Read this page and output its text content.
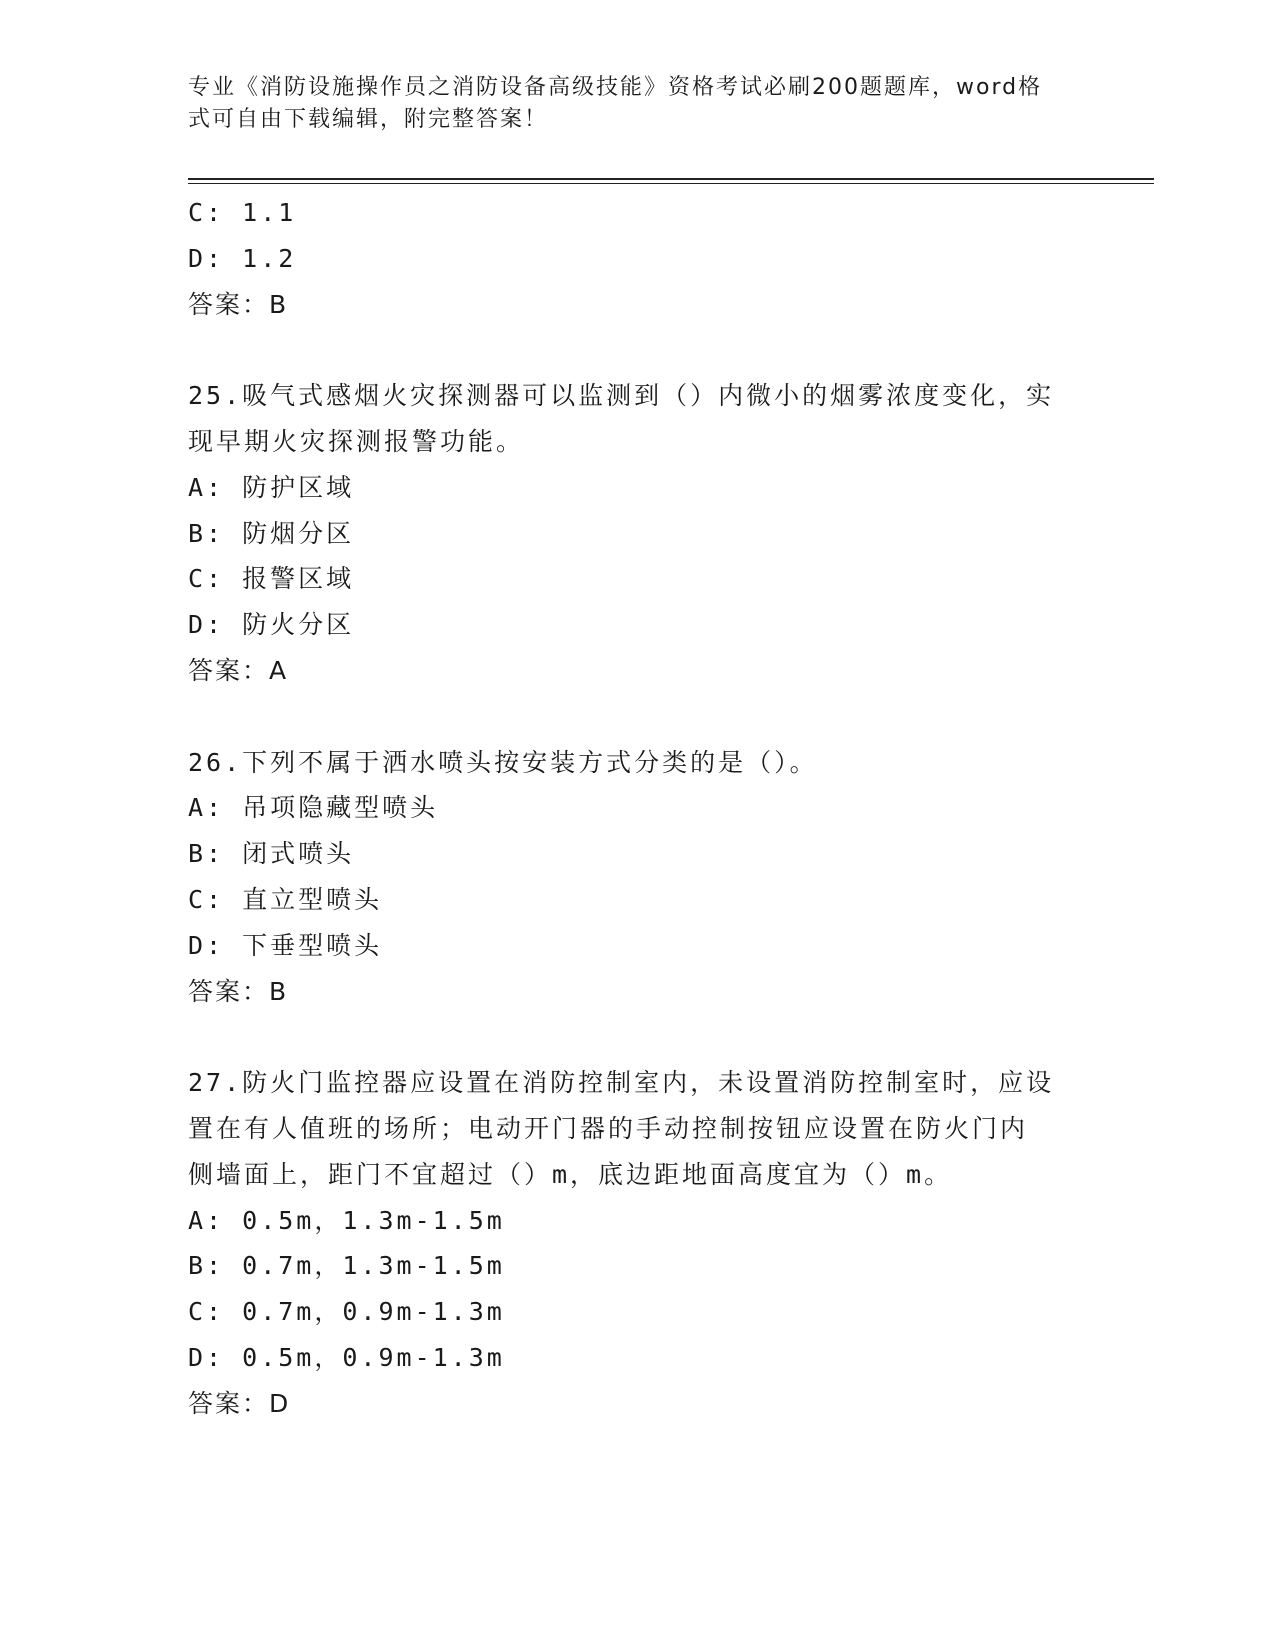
专业《消防设施操作员之消防设备高级技能》资格考试必刷200题题库，word格
式可自由下载编辑，附完整答案！
C: 1.1
D: 1.2
答案：B
25.吸气式感烟火灾探测器可以监测到（）内微小的烟雾浓度变化，实
现早期火灾探测报警功能。
A: 防护区域
B: 防烟分区
C: 报警区域
D: 防火分区
答案：A
26.下列不属于洒水喷头按安装方式分类的是（）。
A: 吊项隐藏型喷头
B: 闭式喷头
C: 直立型喷头
D: 下垂型喷头
答案：B
27.防火门监控器应设置在消防控制室内，未设置消防控制室时，应设
置在有人值班的场所；电动开门器的手动控制按钮应设置在防火门内
侧墙面上，距门不宜超过（）m，底边距地面高度宜为（）m。
A: 0.5m，1.3m-1.5m
B: 0.7m，1.3m-1.5m
C: 0.7m，0.9m-1.3m
D: 0.5m，0.9m-1.3m
答案：D
